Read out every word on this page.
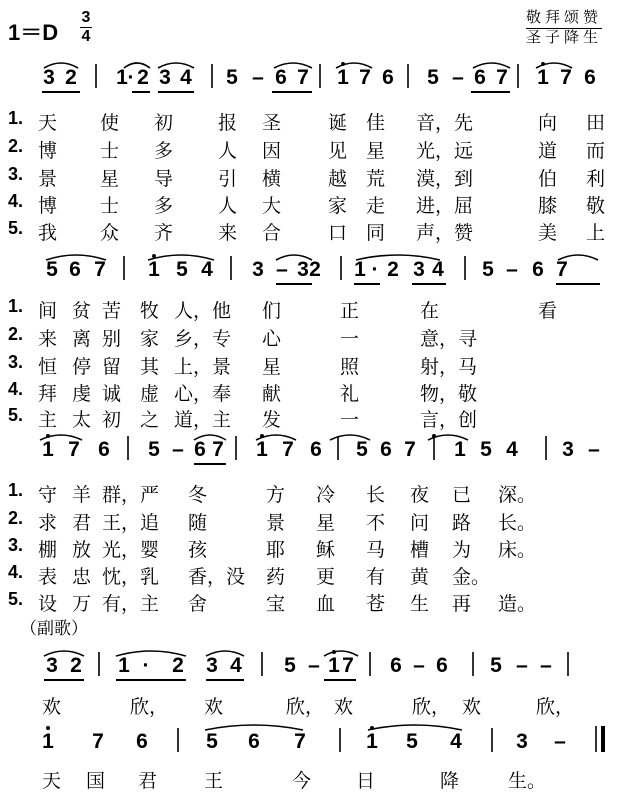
1＝D
3
4
敬拜颂赞
圣子降生
3 2 1 · 2 3 4 5 – 6 7 1 7 6 5 – 6 7 1 7 6
5 6 7 1 5 4 3 – 3 2 1 · 2 3 4 5 – 6 7
1 7 6 5 – 6 7 1 7 6 5 6 7 1 5 4 3 –
3 2 1 · 2 3 4 5 – 1 7 6 – 6 5 – –
1 7 6	5 6 7	1 5 4	3 –
1. 天 使 初 报 圣 诞 佳 音，先	向 田
2. 博 士 多 人 因 见 星 光，远	道 而
3. 景 星 导 引 横 越 荒 漠，到	伯 利
4. 博 士 多 人 大 家 走 进，屈	膝 敬
5. 我 众 齐 来 合 口 同 声，赞	美 上
1. 间 贫 苦 牧 人，他 们	正	在	看
2. 来 离 别 家 乡，专 心	一	意，寻
3. 恒 停 留 其 上，景 星	照	射，马
4. 拜 虔 诚 虚 心，奉 献	礼	物，敬
5. 主 太 初 之 道，主 发	一	言，创
1. 守 羊 群，严 冬	方 冷 长 夜 已 深。
2. 求 君 王，追 随	景 星 不 问 路 长。
3. 棚 放 光，婴 孩	耶 稣 马 槽 为 床。
4. 表 忠 忱，乳 香，没 药 更 有 黄 金。
5. 设 万 有，主 舍	宝 血 苍 生 再 造。
欢	欣， 欢	欣， 欢	欣， 欢	欣，
天 国 君 王	今 日	降	生。
（副歌）
